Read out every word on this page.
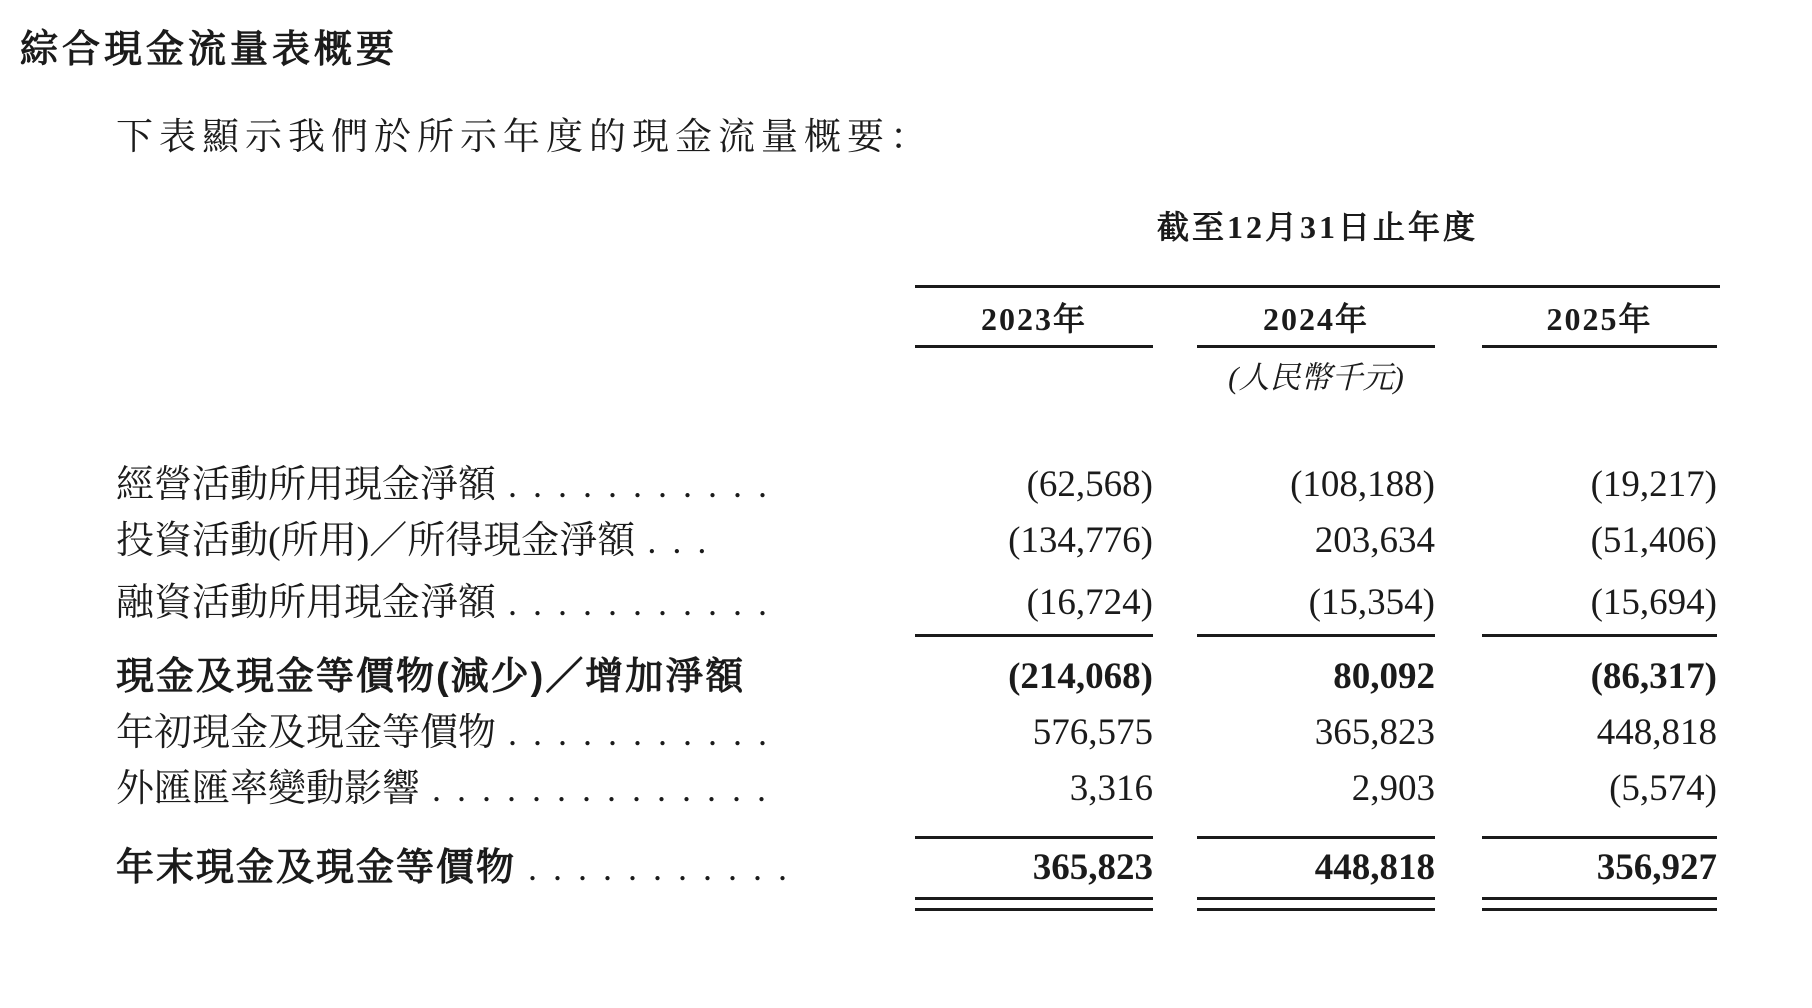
綜合現金流量表概要
下表顯示我們於所示年度的現金流量概要：
截至12月31日止年度
2023年	2024年	2025年
(人民幣千元)
經營活動所用現金淨額 ...........	(62,568)	(108,188)	(19,217)
投資活動(所用)／所得現金淨額 ...	(134,776)	203,634	(51,406)
融資活動所用現金淨額 ...........	(16,724)	(15,354)	(15,694)
現金及現金等價物(減少)／增加淨額	(214,068)	80,092	(86,317)
年初現金及現金等價物 ...........	576,575	365,823	448,818
外匯匯率變動影響 ..............	3,316	2,903	(5,574)
年末現金及現金等價物 ...........	365,823	448,818	356,927
